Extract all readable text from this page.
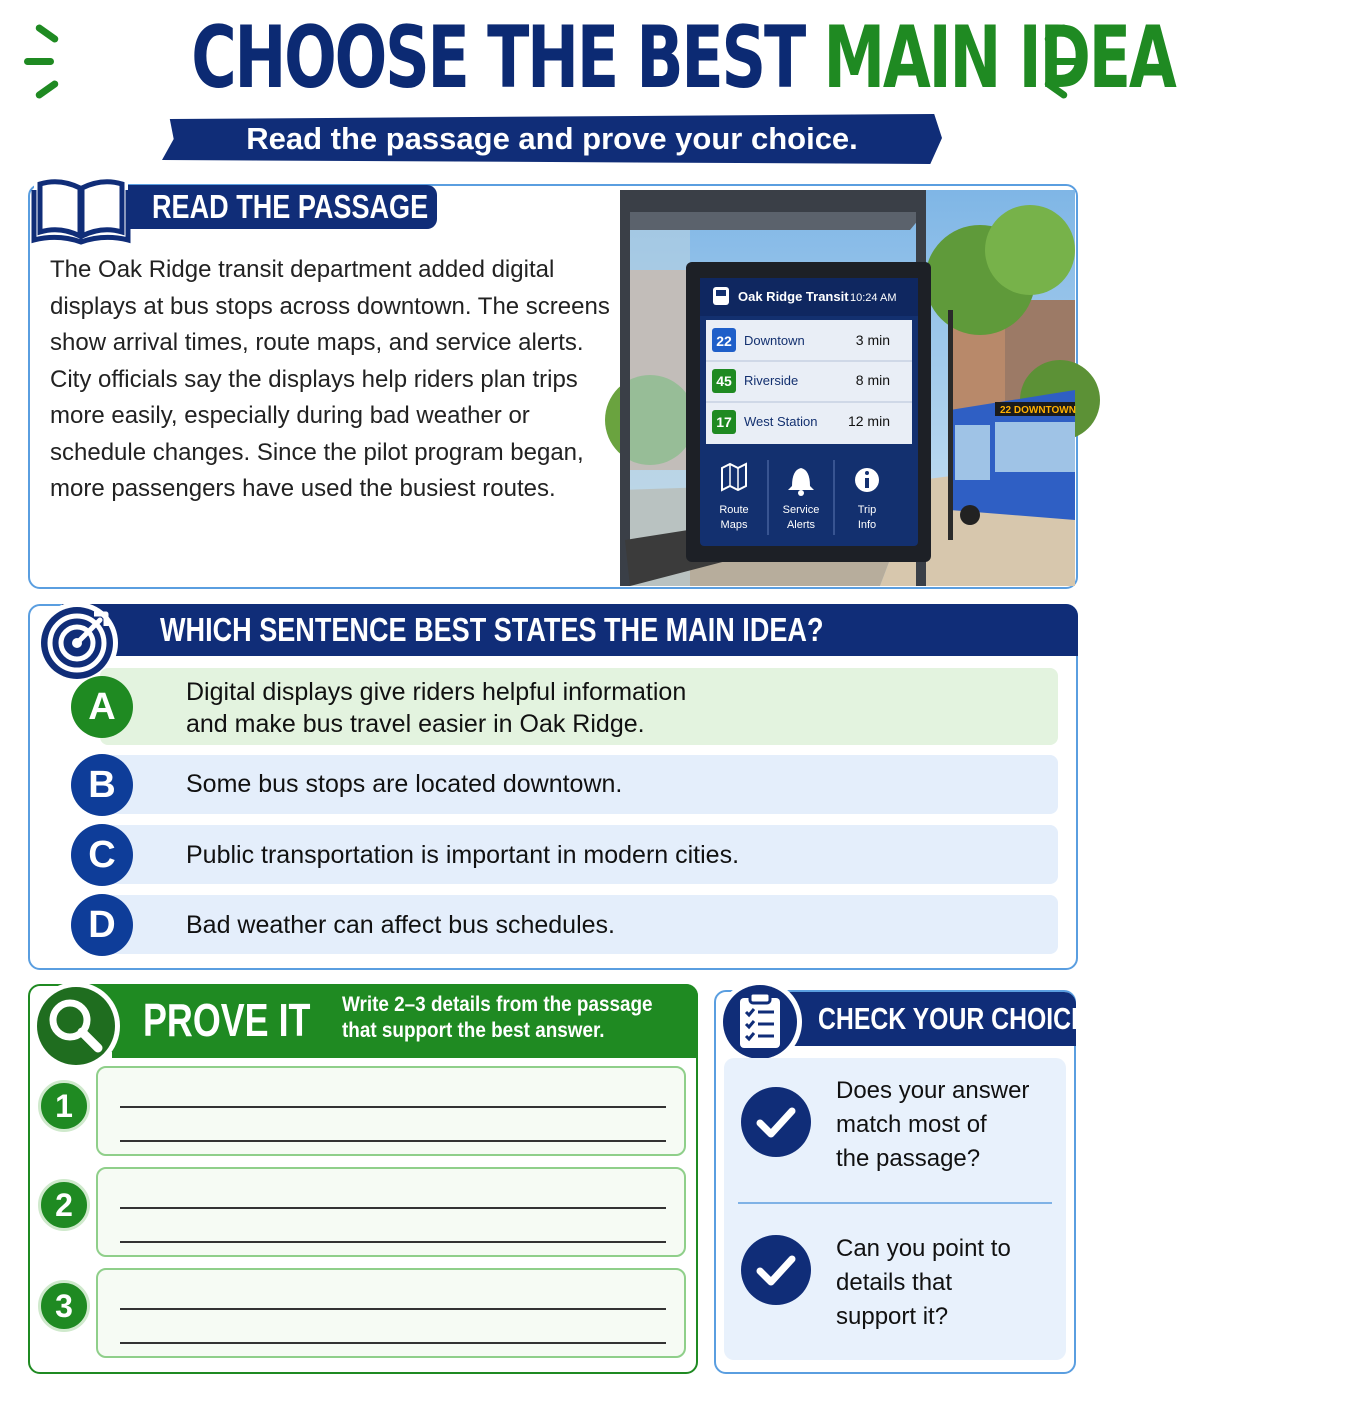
CHOOSE THE BEST MAIN IDEA
Read the passage and prove your choice.
READ THE PASSAGE
The Oak Ridge transit department added digital displays at bus stops across downtown. The screens show arrival times, route maps, and service alerts. City officials say the displays help riders plan trips more easily, especially during bad weather or schedule changes. Since the pilot program began, more passengers have used the busiest routes.
22 DOWNTOWN
Oak Ridge Transit 10:24 AM
22 Downtown	3 min
45 Riverside	8 min
17 West Station 12 min
Route
Maps
Service
Alerts
Trip
Info
WHICH SENTENCE BEST STATES THE MAIN IDEA?
A	Digital displays give riders helpful information
and make bus travel easier in Oak Ridge.
B	Some bus stops are located downtown.
C	Public transportation is important in modern cities.
D	Bad weather can affect bus schedules.
PROVE IT Write 2–3 details from the passage
that support the best answer.
1
2
3
CHECK YOUR CHOICE
Does your answer
match most of
the passage?
Can you point to
details that
support it?
